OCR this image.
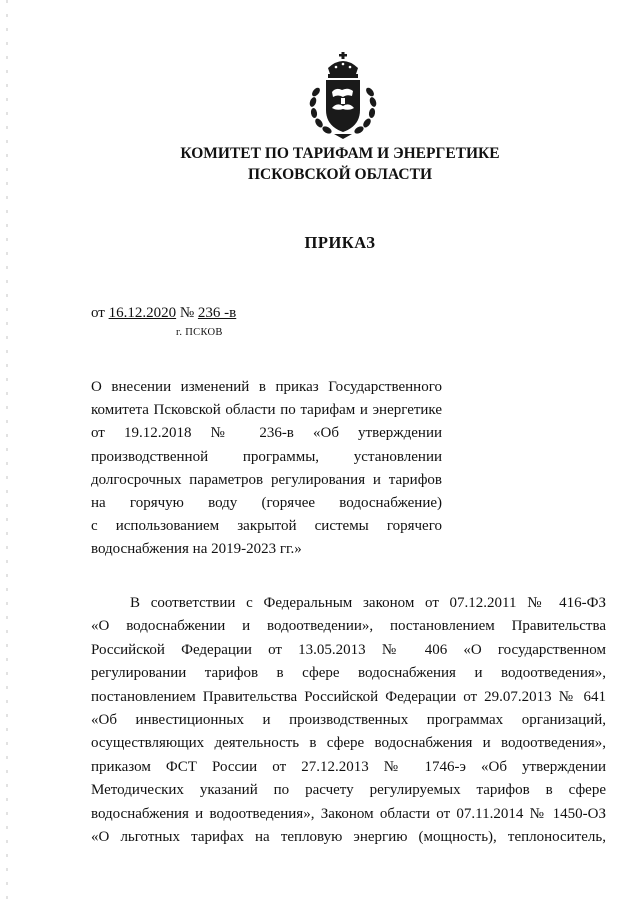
КОМИТЕТ ПО ТАРИФАМ И ЭНЕРГЕТИКЕ
ПСКОВСКОЙ ОБЛАСТИ
ПРИКАЗ
от 16.12.2020 № 236 -в
г. ПСКОВ
О внесении изменений в приказ Государственного
комитета Псковской области по тарифам и энергетике
от 19.12.2018 № 236-в «Об утверждении
производственной программы, установлении
долгосрочных параметров регулирования и тарифов
на горячую воду (горячее водоснабжение)
с использованием закрытой системы горячего
водоснабжения на 2019-2023 гг.»
В соответствии с Федеральным законом от 07.12.2011 № 416-ФЗ
«О водоснабжении и водоотведении», постановлением Правительства
Российской Федерации от 13.05.2013 № 406 «О государственном
регулировании тарифов в сфере водоснабжения и водоотведения»,
постановлением Правительства Российской Федерации от 29.07.2013 № 641
«Об инвестиционных и производственных программах организаций,
осуществляющих деятельность в сфере водоснабжения и водоотведения»,
приказом ФСТ России от 27.12.2013 № 1746-э «Об утверждении
Методических указаний по расчету регулируемых тарифов в сфере
водоснабжения и водоотведения», Законом области от 07.11.2014 № 1450-ОЗ
«О льготных тарифах на тепловую энергию (мощность), теплоноситель,
